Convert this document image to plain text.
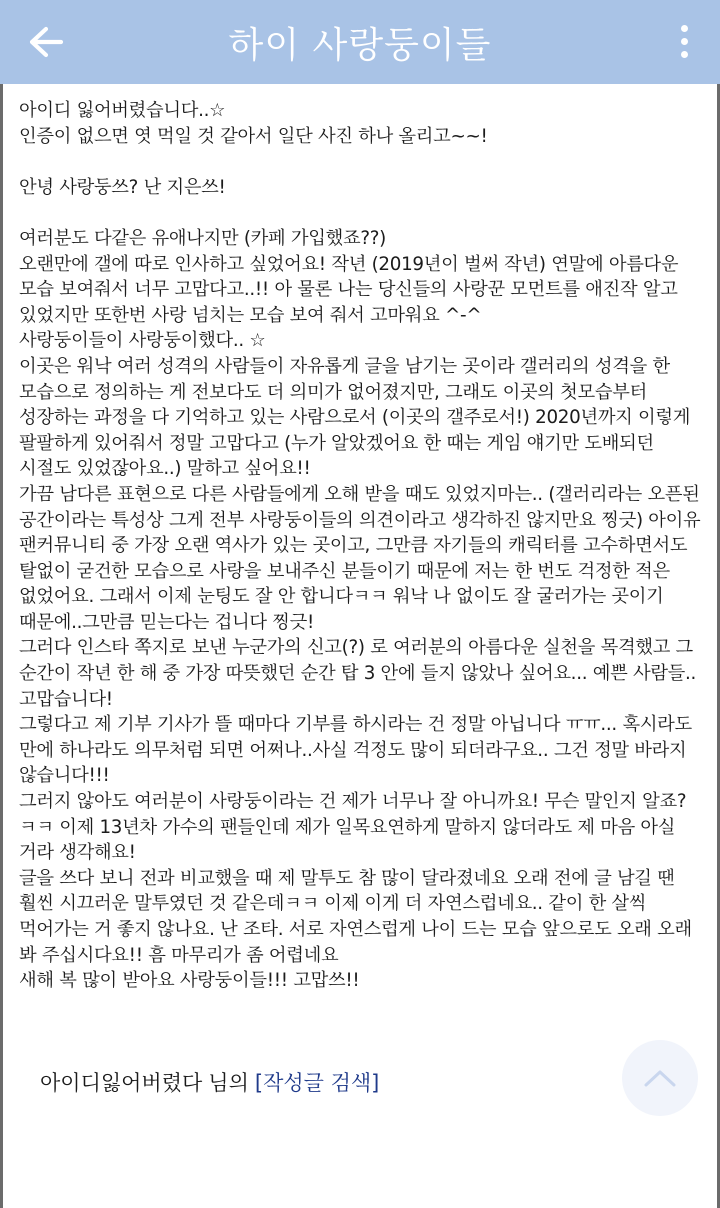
하이 사랑둥이들

아이디 잃어버렸습니다..☆

인증이 없으면 엿 먹일 것 같아서 일단 사진 하나 올리고~~!

안녕 사랑둥쓰? 난 지은쓰!

여러분도 다같은 유애나지만 (카페 가입했죠??)

오랜만에 갤에 따로 인사하고 싶었어요! 작년 (2019년이 벌써 작년) 연말에 아름다운 모습 보여줘서 너무 고맙다고..!! 아 물론 나는 당신들의 사랑꾼 모먼트를 애진작 알고 있었지만 또한번 사랑 넘치는 모습 보여 줘서 고마워요 ^-^

사랑둥이들이 사랑둥이했다.. ☆

이곳은 워낙 여러 성격의 사람들이 자유롭게 글을 남기는 곳이라 갤러리의 성격을 한 모습으로 정의하는 게 전보다도 더 의미가 없어졌지만, 그래도 이곳의 첫모습부터 성장하는 과정을 다 기억하고 있는 사람으로서 (이곳의 갤주로서!) 2020년까지 이렇게 팔팔하게 있어줘서 정말 고맙다고 (누가 알았겠어요 한 때는 게임 얘기만 도배되던 시절도 있었잖아요..) 말하고 싶어요!!

가끔 남다른 표현으로 다른 사람들에게 오해 받을 때도 있었지마는.. (갤러리라는 오픈된 공간이라는 특성상 그게 전부 사랑둥이들의 의견이라고 생각하진 않지만요 찡긋) 아이유 팬커뮤니티 중 가장 오랜 역사가 있는 곳이고, 그만큼 자기들의 캐릭터를 고수하면서도 탈없이 굳건한 모습으로 사랑을 보내주신 분들이기 때문에 저는 한 번도 걱정한 적은 없었어요. 그래서 이제 눈팅도 잘 안 합니다ㅋㅋ 워낙 나 없이도 잘 굴러가는 곳이기 때문에..그만큼 믿는다는 겁니다 찡긋!

그러다 인스타 쪽지로 보낸 누군가의 신고(?) 로 여러분의 아름다운 실천을 목격했고 그 순간이 작년 한 해 중 가장 따뜻했던 순간 탑 3 안에 들지 않았나 싶어요... 예쁜 사람들.. 고맙습니다!

그렇다고 제 기부 기사가 뜰 때마다 기부를 하시라는 건 정말 아닙니다 ㅠㅠ... 혹시라도 만에 하나라도 의무처럼 되면 어쩌나..사실 걱정도 많이 되더라구요.. 그건 정말 바라지 않습니다!!!

그러지 않아도 여러분이 사랑둥이라는 건 제가 너무나 잘 아니까요! 무슨 말인지 알죠? ㅋㅋ 이제 13년차 가수의 팬들인데 제가 일목요연하게 말하지 않더라도 제 마음 아실 거라 생각해요!

글을 쓰다 보니 전과 비교했을 때 제 말투도 참 많이 달라졌네요 오래 전에 글 남길 땐 훨씬 시끄러운 말투였던 것 같은데ㅋㅋ 이제 이게 더 자연스럽네요.. 같이 한 살씩 먹어가는 거 좋지 않나요. 난 조타. 서로 자연스럽게 나이 드는 모습 앞으로도 오래 오래 봐 주십시다요!! 흠 마무리가 좀 어렵네요

새해 복 많이 받아요 사랑둥이들!!! 고맙쓰!!

아이디잃어버렸다 님의 [작성글 검색]
